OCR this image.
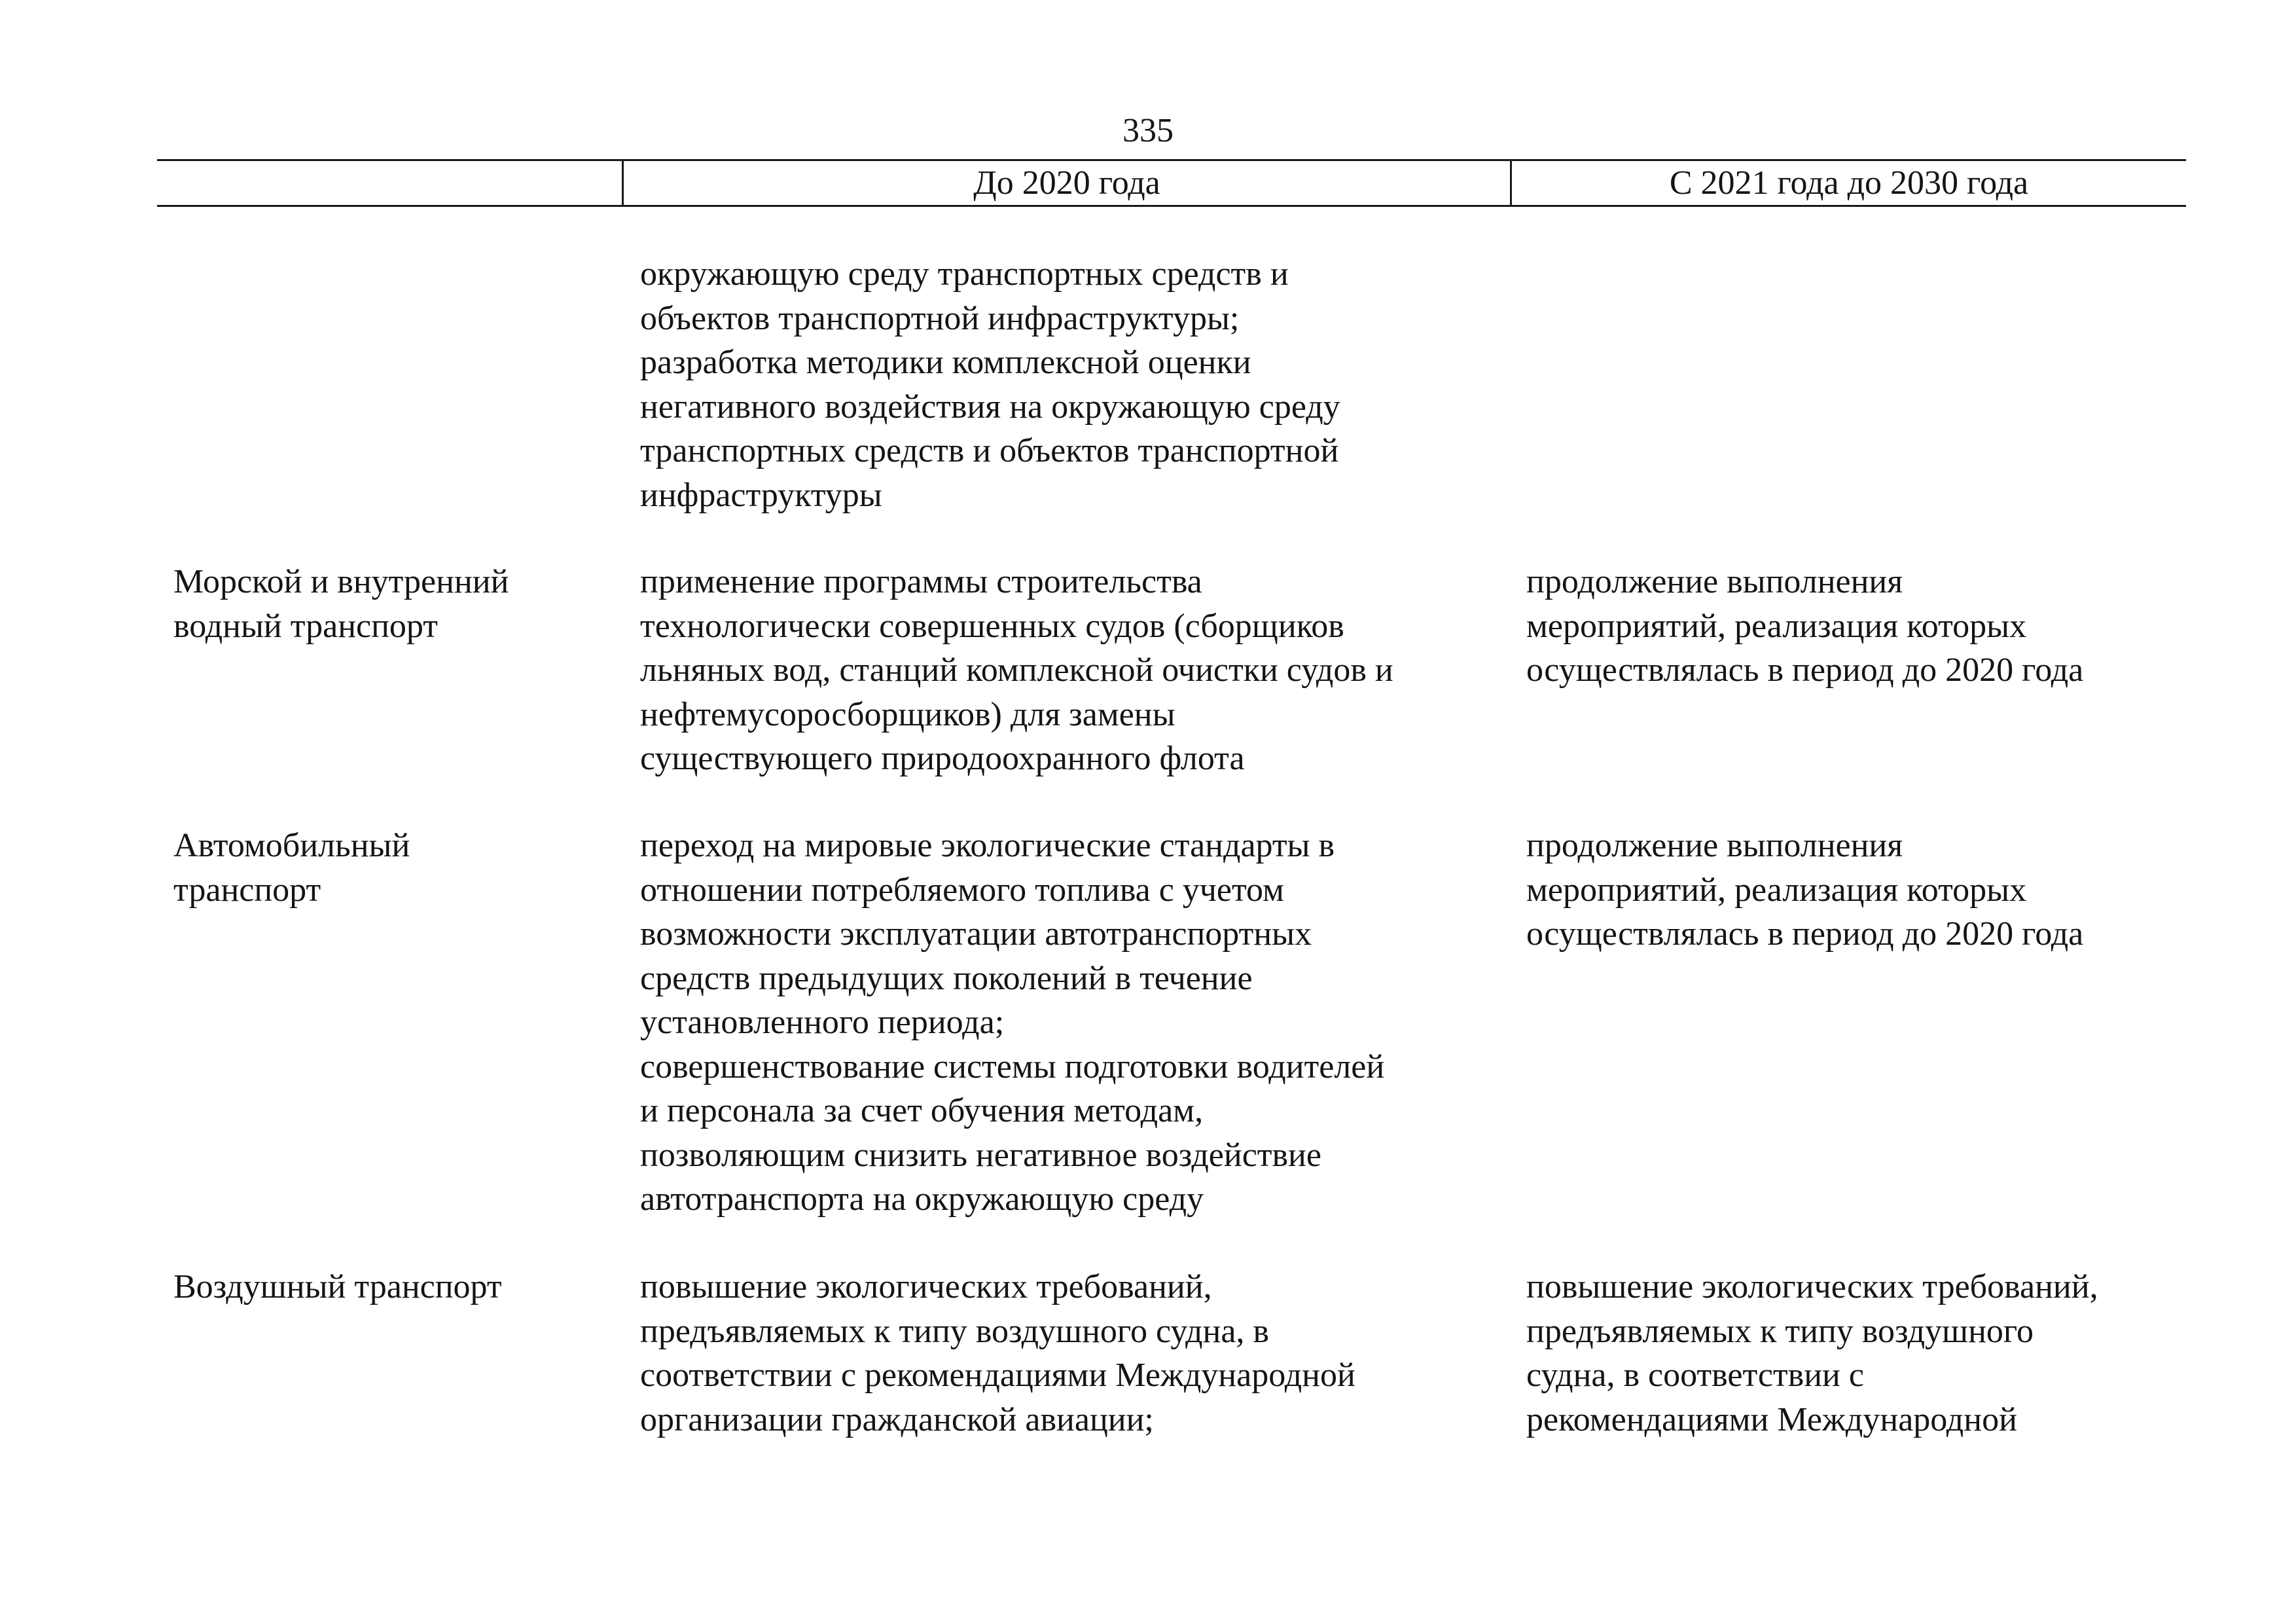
335
До 2020 года	С 2021 года до 2030 года

окружающую среду транспортных средств и

объектов транспортной инфраструктуры;

разработка методики комплексной оценки

негативного воздействия на окружающую среду

транспортных средств и объектов транспортной

инфраструктуры

Морской и внутренний

водный транспорт

применение программы строительства

технологически совершенных судов (сборщиков

льняных вод, станций комплексной очистки судов и

нефтемусоросборщиков) для замены

существующего природоохранного флота

продолжение выполнения

мероприятий, реализация которых

осуществлялась в период до 2020 года

Автомобильный

транспорт

переход на мировые экологические стандарты в

отношении потребляемого топлива с учетом

возможности эксплуатации автотранспортных

средств предыдущих поколений в течение

установленного периода;

совершенствование системы подготовки водителей

и персонала за счет обучения методам,

позволяющим снизить негативное воздействие

автотранспорта на окружающую среду

продолжение выполнения

мероприятий, реализация которых

осуществлялась в период до 2020 года

Воздушный транспорт	повышение экологических требований,

предъявляемых к типу воздушного судна, в

соответствии с рекомендациями Международной

организации гражданской авиации;

повышение экологических требований,

предъявляемых к типу воздушного

судна, в соответствии с

рекомендациями Международной
